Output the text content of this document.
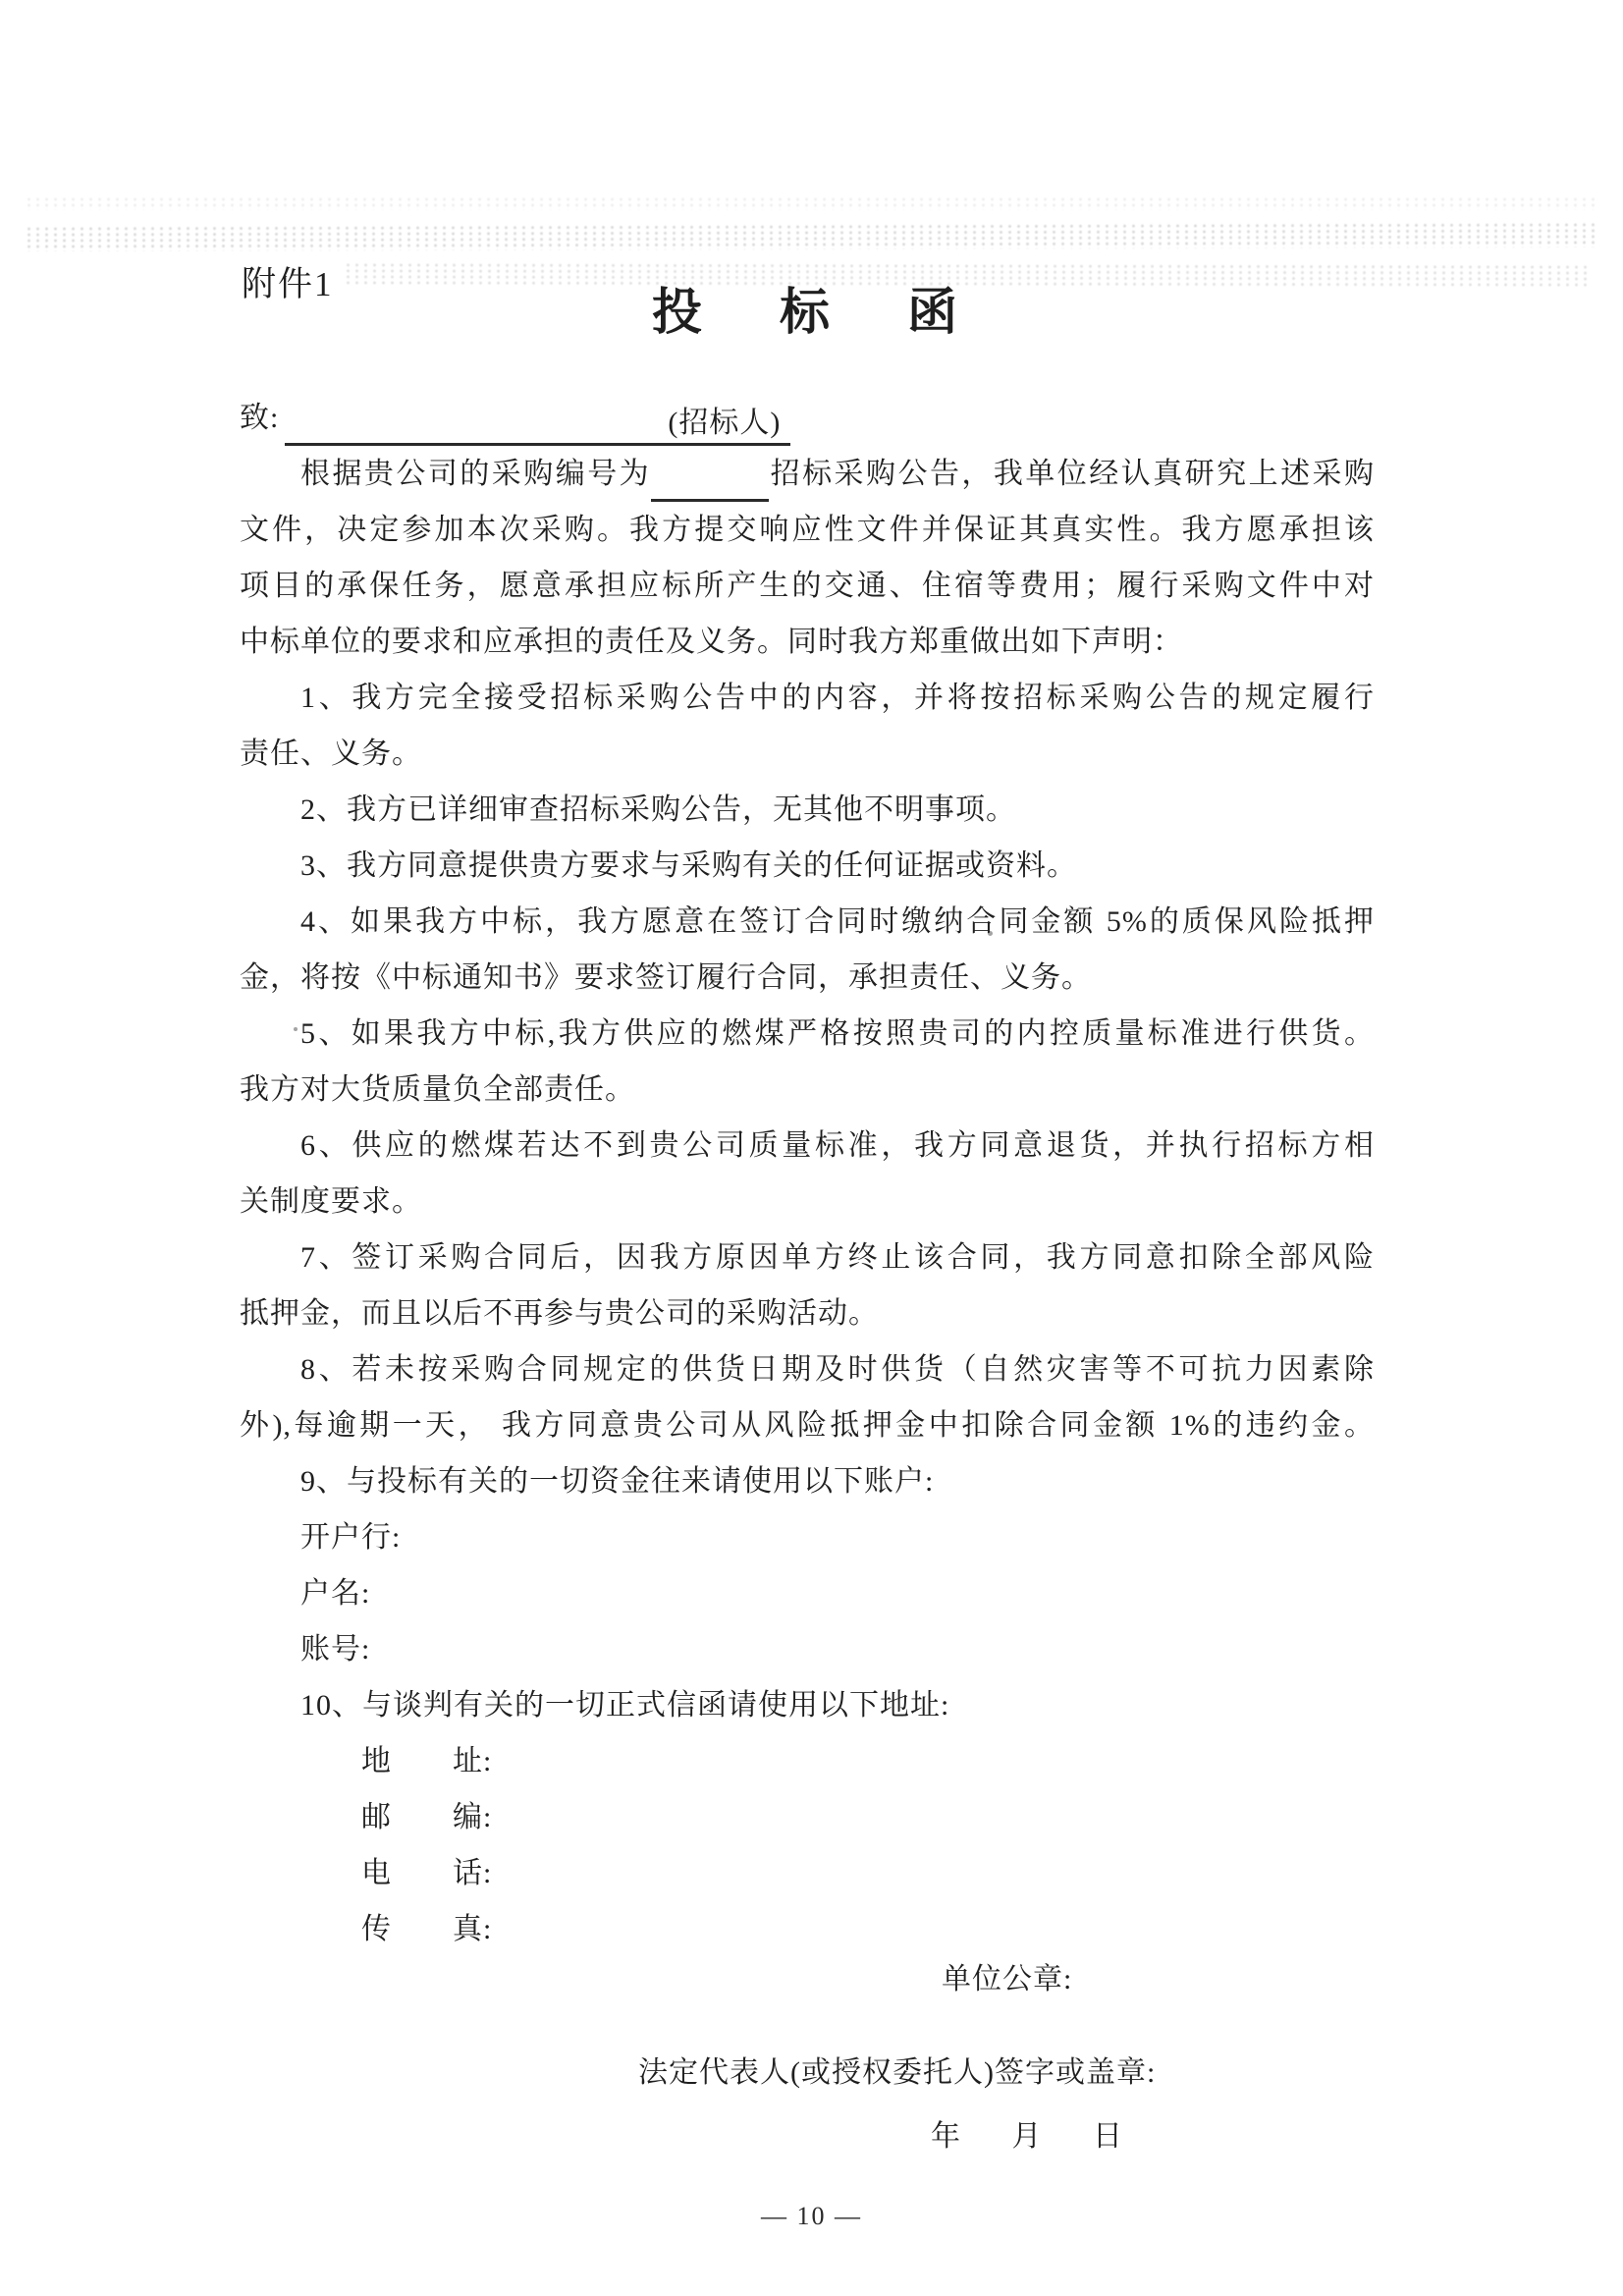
附件1
投　标　函
致:	(招标人)
根据贵公司的采购编号为	招标采购公告，我单位经认真研究上述采购
文件，决定参加本次采购。我方提交响应性文件并保证其真实性。我方愿承担该
项目的承保任务，愿意承担应标所产生的交通、住宿等费用；履行采购文件中对
中标单位的要求和应承担的责任及义务。同时我方郑重做出如下声明：
1、我方完全接受招标采购公告中的内容，并将按招标采购公告的规定履行
责任、义务。
2、我方已详细审查招标采购公告，无其他不明事项。
3、我方同意提供贵方要求与采购有关的任何证据或资料。
4、如果我方中标，我方愿意在签订合同时缴纳合同金额 5%的质保风险抵押
金，将按《中标通知书》要求签订履行合同，承担责任、义务。
5、如果我方中标,我方供应的燃煤严格按照贵司的内控质量标准进行供货。
我方对大货质量负全部责任。
6、供应的燃煤若达不到贵公司质量标准，我方同意退货，并执行招标方相
关制度要求。
7、签订采购合同后，因我方原因单方终止该合同，我方同意扣除全部风险
抵押金，而且以后不再参与贵公司的采购活动。
8、若未按采购合同规定的供货日期及时供货（自然灾害等不可抗力因素除
外),每逾期一天， 我方同意贵公司从风险抵押金中扣除合同金额 1%的违约金。
9、与投标有关的一切资金往来请使用以下账户:
开户行:
户名:
账号:
10、与谈判有关的一切正式信函请使用以下地址:
地	址:
邮	编:
电	话:
传	真:
单位公章:
法定代表人(或授权委托人)签字或盖章:
年 月 日
— 10 —
